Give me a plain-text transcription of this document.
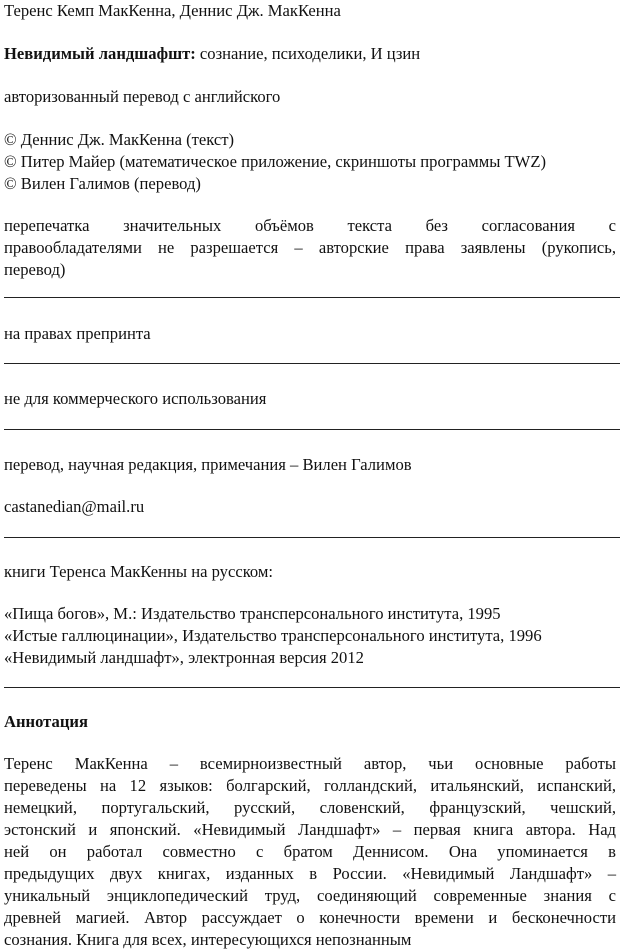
Теренс Кемп МакКенна, Деннис Дж. МакКенна
Невидимый ландшафшт: сознание, психоделики, И цзин
авторизованный перевод с английского
© Деннис Дж. МакКенна (текст)
© Питер Майер (математическое приложение, скриншоты программы TWZ)
© Вилен Галимов (перевод)
перепечатка значительных объёмов текста без согласования с
правообладателями не разрешается – авторские права заявлены (рукопись,
перевод)
на правах препринта
не для коммерческого использования
перевод, научная редакция, примечания – Вилен Галимов
castanedian@mail.ru
книги Теренса МакКенны на русском:
«Пища богов», М.: Издательство трансперсонального института, 1995
«Истые галлюцинации», Издательство трансперсонального института, 1996
«Невидимый ландшафт», электронная версия 2012
Аннотация
Теренс МакКенна – всемирноизвестный автор, чьи основные работы
переведены на 12 языков: болгарский, голландский, итальянский, испанский,
немецкий, португальский, русский, словенский, французский, чешский,
эстонский и японский. «Невидимый Ландшафт» – первая книга автора. Над
ней он работал совместно с братом Деннисом. Она упоминается в
предыдущих двух книгах, изданных в России. «Невидимый Ландшафт» –
уникальный энциклопедический труд, соединяющий современные знания с
древней магией. Автор рассуждает о конечности времени и бесконечности
сознания. Книга для всех, интересующихся непознанным
